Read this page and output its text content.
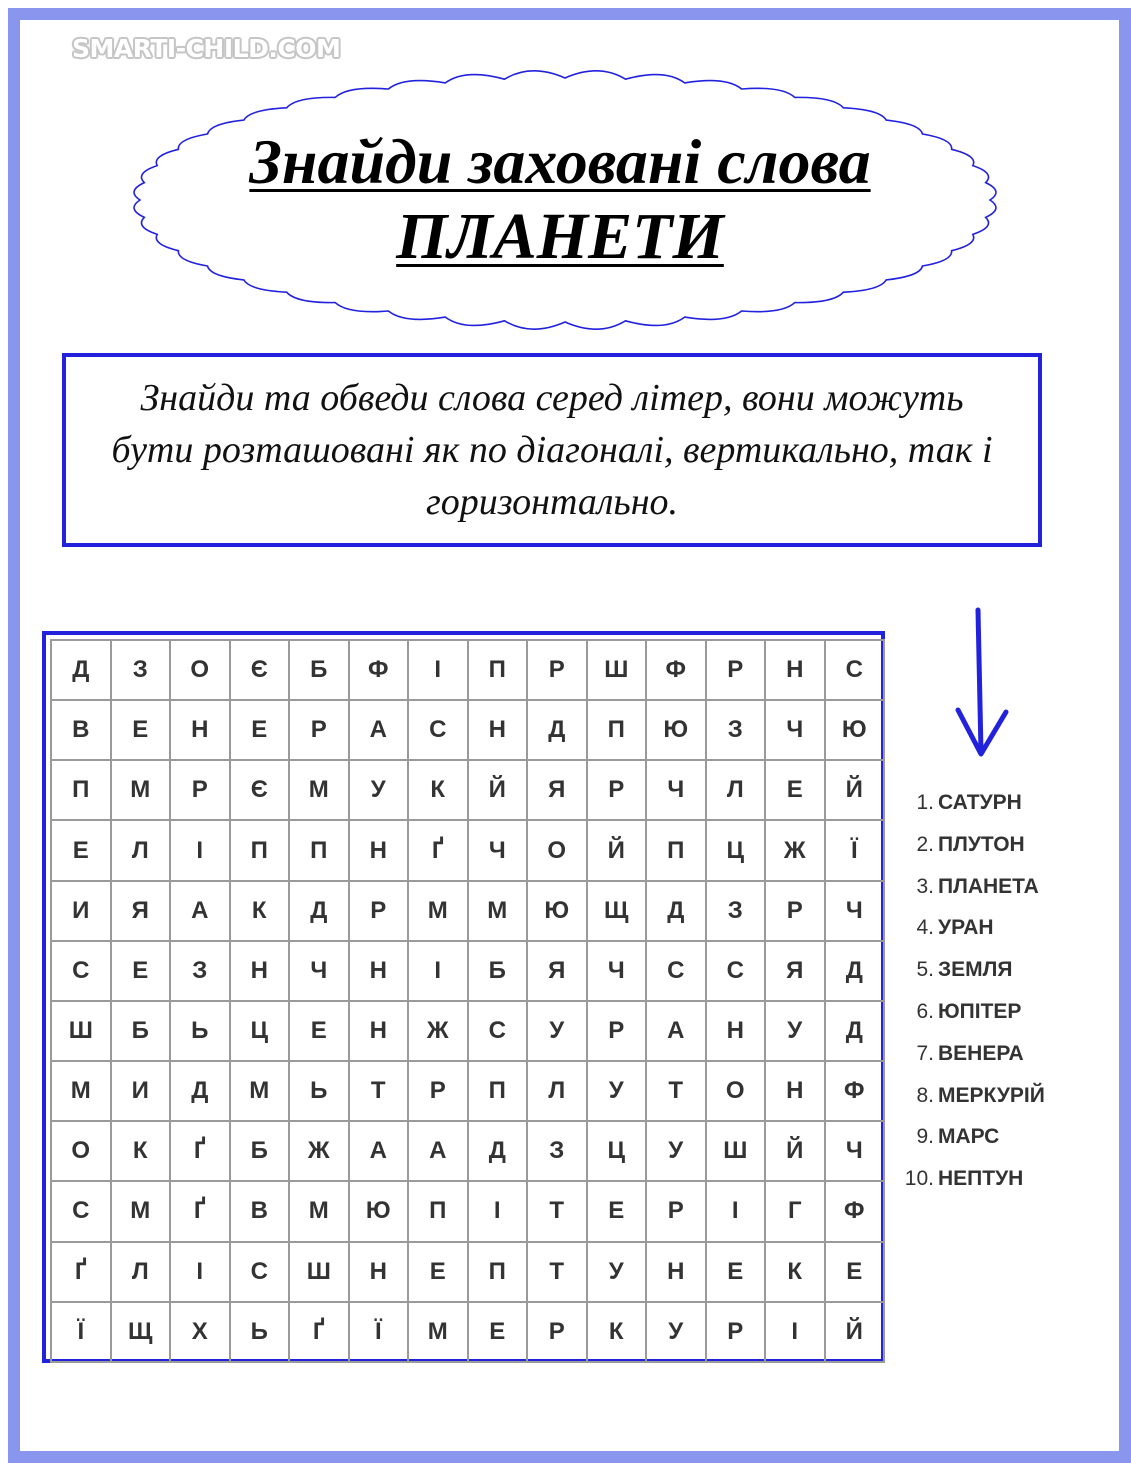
SMARTI-CHILD.COM
Знайди заховані слова
ПЛАНЕТИ

Знайди та обведи слова серед літер, вони можуть бути розташовані як по діагоналі, вертикально, так і горизонтально.

Д	З	О	Є	Б	Ф	І	П	Р	Ш	Ф	Р	Н	С
В	Е	Н	Е	Р	А	С	Н	Д	П	Ю	З	Ч	Ю
П	М	Р	Є	М	У	К	Й	Я	Р	Ч	Л	Е	Й
Е	Л	І	П	П	Н	Ґ	Ч	О	Й	П	Ц	Ж	Ї
И	Я	А	К	Д	Р	М	М	Ю	Щ	Д	З	Р	Ч
С	Е	З	Н	Ч	Н	І	Б	Я	Ч	С	С	Я	Д
Ш	Б	Ь	Ц	Е	Н	Ж	С	У	Р	А	Н	У	Д
М	И	Д	М	Ь	Т	Р	П	Л	У	Т	О	Н	Ф
О	К	Ґ	Б	Ж	А	А	Д	З	Ц	У	Ш	Й	Ч
С	М	Ґ	В	М	Ю	П	І	Т	Е	Р	І	Г	Ф
Ґ	Л	І	С	Ш	Н	Е	П	Т	У	Н	Е	К	Е
Ї	Щ	Х	Ь	Ґ	Ї	М	Е	Р	К	У	Р	І	Й
1. САТУРН
2. ПЛУТОН
3. ПЛАНЕТА
4. УРАН
5. ЗЕМЛЯ
6. ЮПІТЕР
7. ВЕНЕРА
8. МЕРКУРІЙ
9. МАРС
10. НЕПТУН
